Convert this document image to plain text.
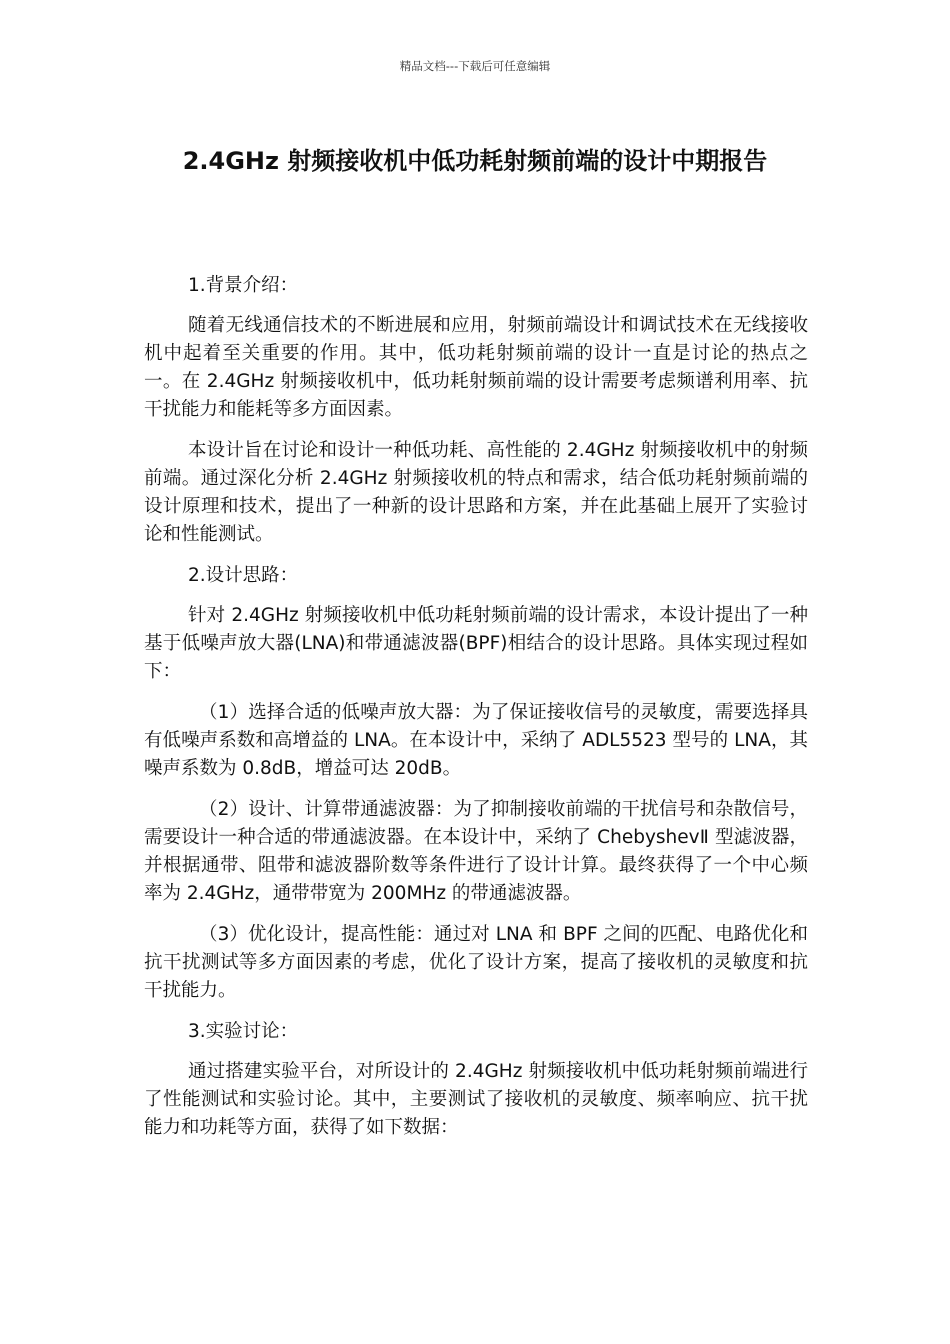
精品文档---下载后可任意编辑
2.4GHz 射频接收机中低功耗射频前端的设计中期报告

1.背景介绍：

随着无线通信技术的不断进展和应用，射频前端设计和调试技术在无线接收机中起着至关重要的作用。其中，低功耗射频前端的设计一直是讨论的热点之一。在 2.4GHz 射频接收机中，低功耗射频前端的设计需要考虑频谱利用率、抗干扰能力和能耗等多方面因素。

本设计旨在讨论和设计一种低功耗、高性能的 2.4GHz 射频接收机中的射频前端。通过深化分析 2.4GHz 射频接收机的特点和需求，结合低功耗射频前端的设计原理和技术，提出了一种新的设计思路和方案，并在此基础上展开了实验讨论和性能测试。

2.设计思路：

针对 2.4GHz 射频接收机中低功耗射频前端的设计需求，本设计提出了一种基于低噪声放大器(LNA)和带通滤波器(BPF)相结合的设计思路。具体实现过程如下：

（1）选择合适的低噪声放大器：为了保证接收信号的灵敏度，需要选择具有低噪声系数和高增益的 LNA。在本设计中，采纳了 ADL5523 型号的 LNA，其噪声系数为 0.8dB，增益可达 20dB。

（2）设计、计算带通滤波器：为了抑制接收前端的干扰信号和杂散信号，需要设计一种合适的带通滤波器。在本设计中，采纳了 ChebyshevⅡ 型滤波器，并根据通带、阻带和滤波器阶数等条件进行了设计计算。最终获得了一个中心频率为 2.4GHz，通带带宽为 200MHz 的带通滤波器。

（3）优化设计，提高性能：通过对 LNA 和 BPF 之间的匹配、电路优化和抗干扰测试等多方面因素的考虑，优化了设计方案，提高了接收机的灵敏度和抗干扰能力。

3.实验讨论：

通过搭建实验平台，对所设计的 2.4GHz 射频接收机中低功耗射频前端进行了性能测试和实验讨论。其中，主要测试了接收机的灵敏度、频率响应、抗干扰能力和功耗等方面，获得了如下数据：
